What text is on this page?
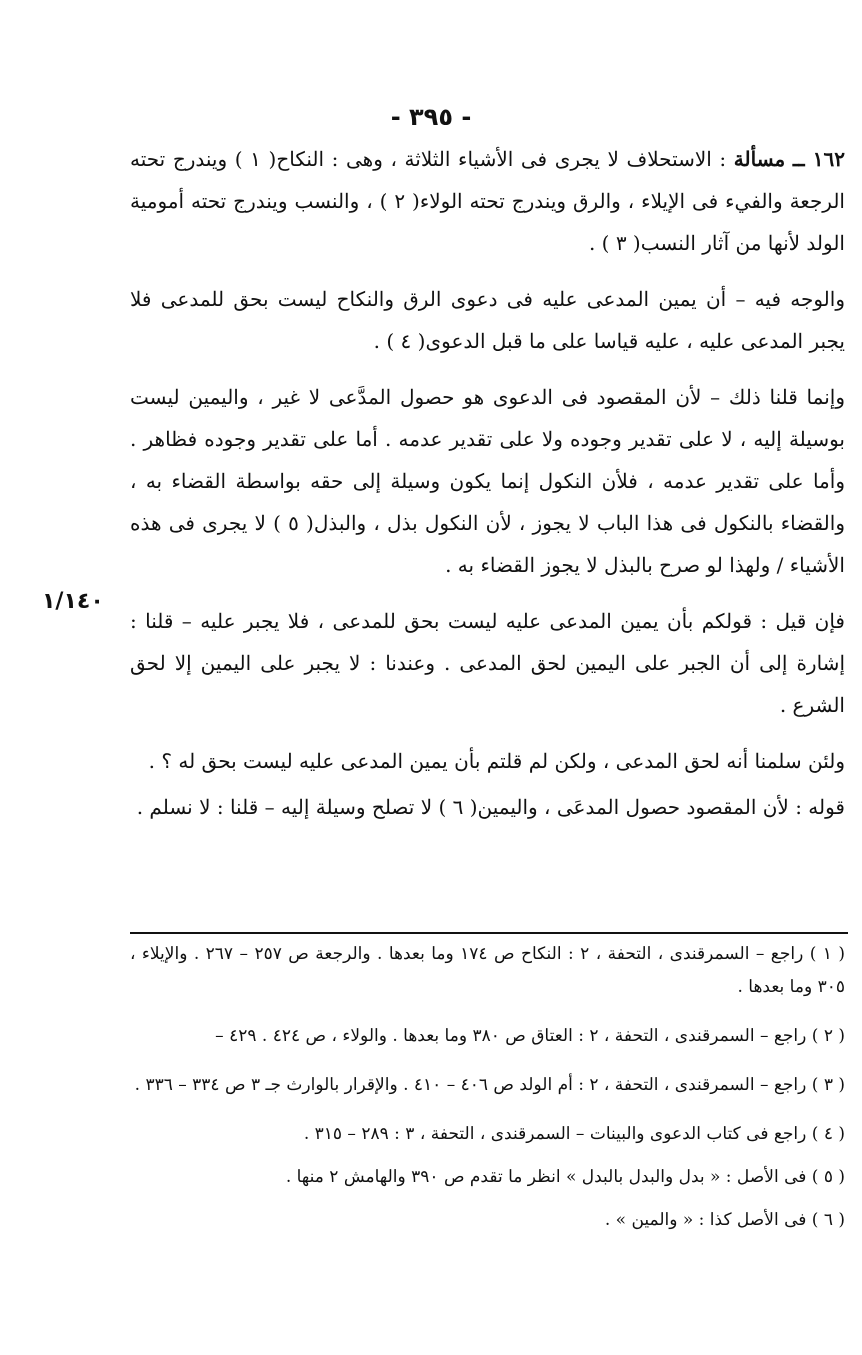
- ٣٩٥ -
١/١٤٠

١٦٢ ــ مسألة : الاستحلاف لا يجرى فى الأشياء الثلاثة ، وهى : النكاح( ١ ) ويندرج تحته الرجعة والفيء فى الإيلاء ، والرق ويندرج تحته الولاء( ٢ ) ، والنسب ويندرج تحته أمومية الولد لأنها من آثار النسب( ٣ ) .

والوجه فيه – أن يمين المدعى عليه فى دعوى الرق والنكاح ليست بحق للمدعى فلا يجبر المدعى عليه ، عليه قياسا على ما قبل الدعوى( ٤ ) .

وإنما قلنا ذلك – لأن المقصود فى الدعوى هو حصول المدَّعى لا غير ، واليمين ليست بوسيلة إليه ، لا على تقدير وجوده ولا على تقدير عدمه . أما على تقدير وجوده فظاهر . وأما على تقدير عدمه ، فلأن النكول إنما يكون وسيلة إلى حقه بواسطة القضاء به ، والقضاء بالنكول فى هذا الباب لا يجوز ، لأن النكول بذل ، والبذل( ٥ ) لا يجرى فى هذه الأشياء / ولهذا لو صرح بالبذل لا يجوز القضاء به .

فإن قيل : قولكم بأن يمين المدعى عليه ليست بحق للمدعى ، فلا يجبر عليه – قلنا : إشارة إلى أن الجبر على اليمين لحق المدعى . وعندنا : لا يجبر على اليمين إلا لحق الشرع .

ولئن سلمنا أنه لحق المدعى ، ولكن لم قلتم بأن يمين المدعى عليه ليست بحق له ؟ .

قوله : لأن المقصود حصول المدعَى ، واليمين( ٦ ) لا تصلح وسيلة إليه – قلنا : لا نسلم .

( ١ ) راجع – السمرقندى ، التحفة ، ٢ : النكاح ص ١٧٤ وما بعدها . والرجعة ص ٢٥٧ – ٢٦٧ . والإيلاء ، ٣٠٥ وما بعدها .

( ٢ ) راجع – السمرقندى ، التحفة ، ٢ : العتاق ص ٣٨٠ وما بعدها . والولاء ، ص ٤٢٤ . ٤٢٩ –

( ٣ ) راجع – السمرقندى ، التحفة ، ٢ : أم الولد ص ٤٠٦ – ٤١٠ . والإقرار بالوارث جـ ٣ ص ٣٣٤ – ٣٣٦ .

( ٤ ) راجع فى كتاب الدعوى والبينات – السمرقندى ، التحفة ، ٣ : ٢٨٩ – ٣١٥ .

( ٥ ) فى الأصل : « بدل والبدل بالبدل » انظر ما تقدم ص ٣٩٠ والهامش ٢ منها .

( ٦ ) فى الأصل كذا : « والمين » .
